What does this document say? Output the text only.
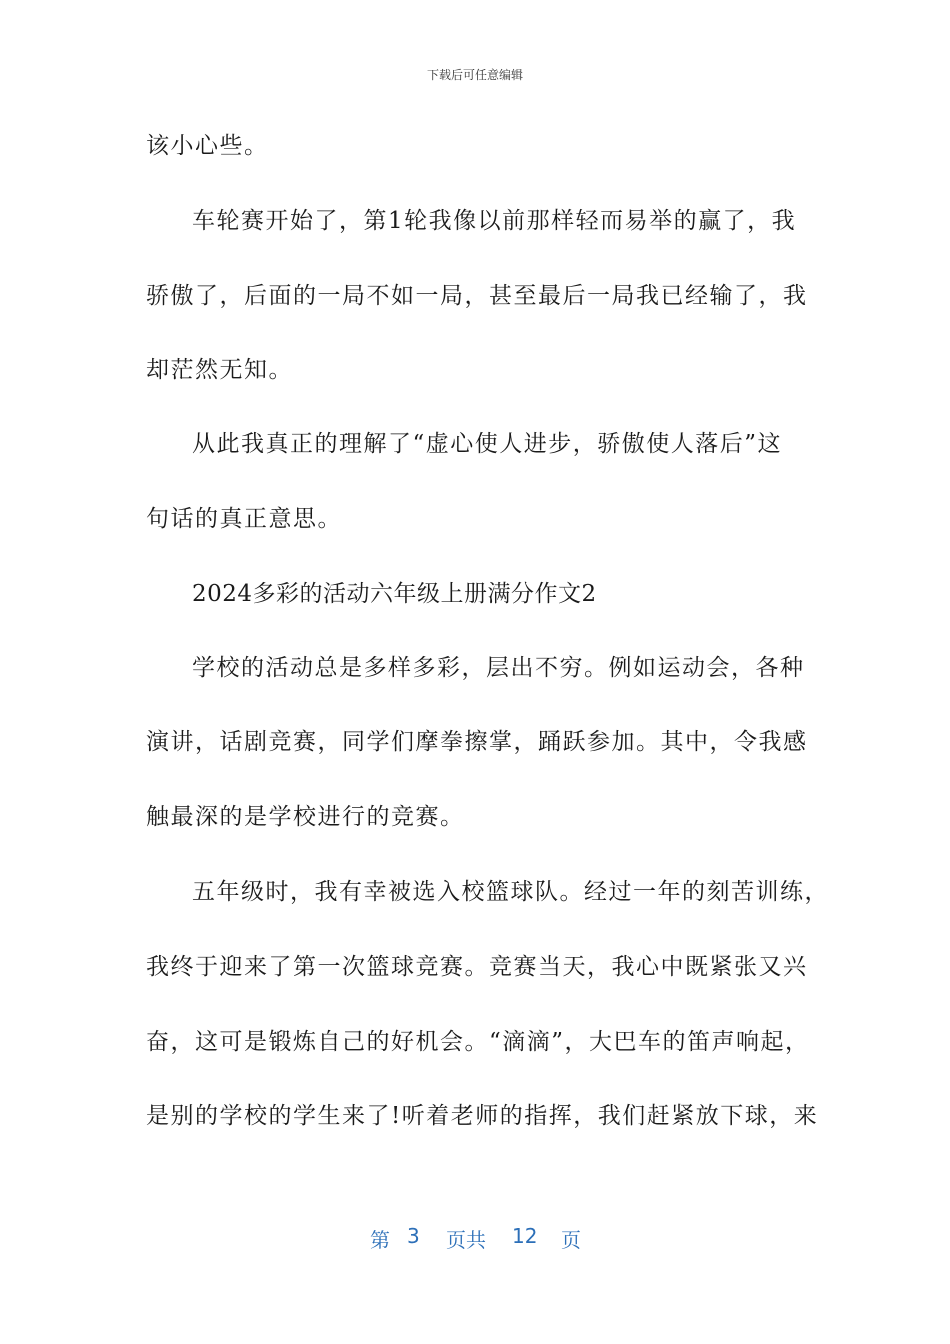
下载后可任意编辑
该小心些。
车轮赛开始了，第1轮我像以前那样轻而易举的赢了，我
骄傲了，后面的一局不如一局，甚至最后一局我已经输了，我
却茫然无知。
从此我真正的理解了“虚心使人进步，骄傲使人落后”这
句话的真正意思。
2024多彩的活动六年级上册满分作文2
学校的活动总是多样多彩，层出不穷。例如运动会，各种
演讲，话剧竞赛，同学们摩拳擦掌，踊跃参加。其中，令我感
触最深的是学校进行的竞赛。
五年级时，我有幸被选入校篮球队。经过一年的刻苦训练，
我终于迎来了第一次篮球竞赛。竞赛当天，我心中既紧张又兴
奋，这可是锻炼自己的好机会。“滴滴”，大巴车的笛声响起，
是别的学校的学生来了!听着老师的指挥，我们赶紧放下球，来
第 3 页共 12 页
